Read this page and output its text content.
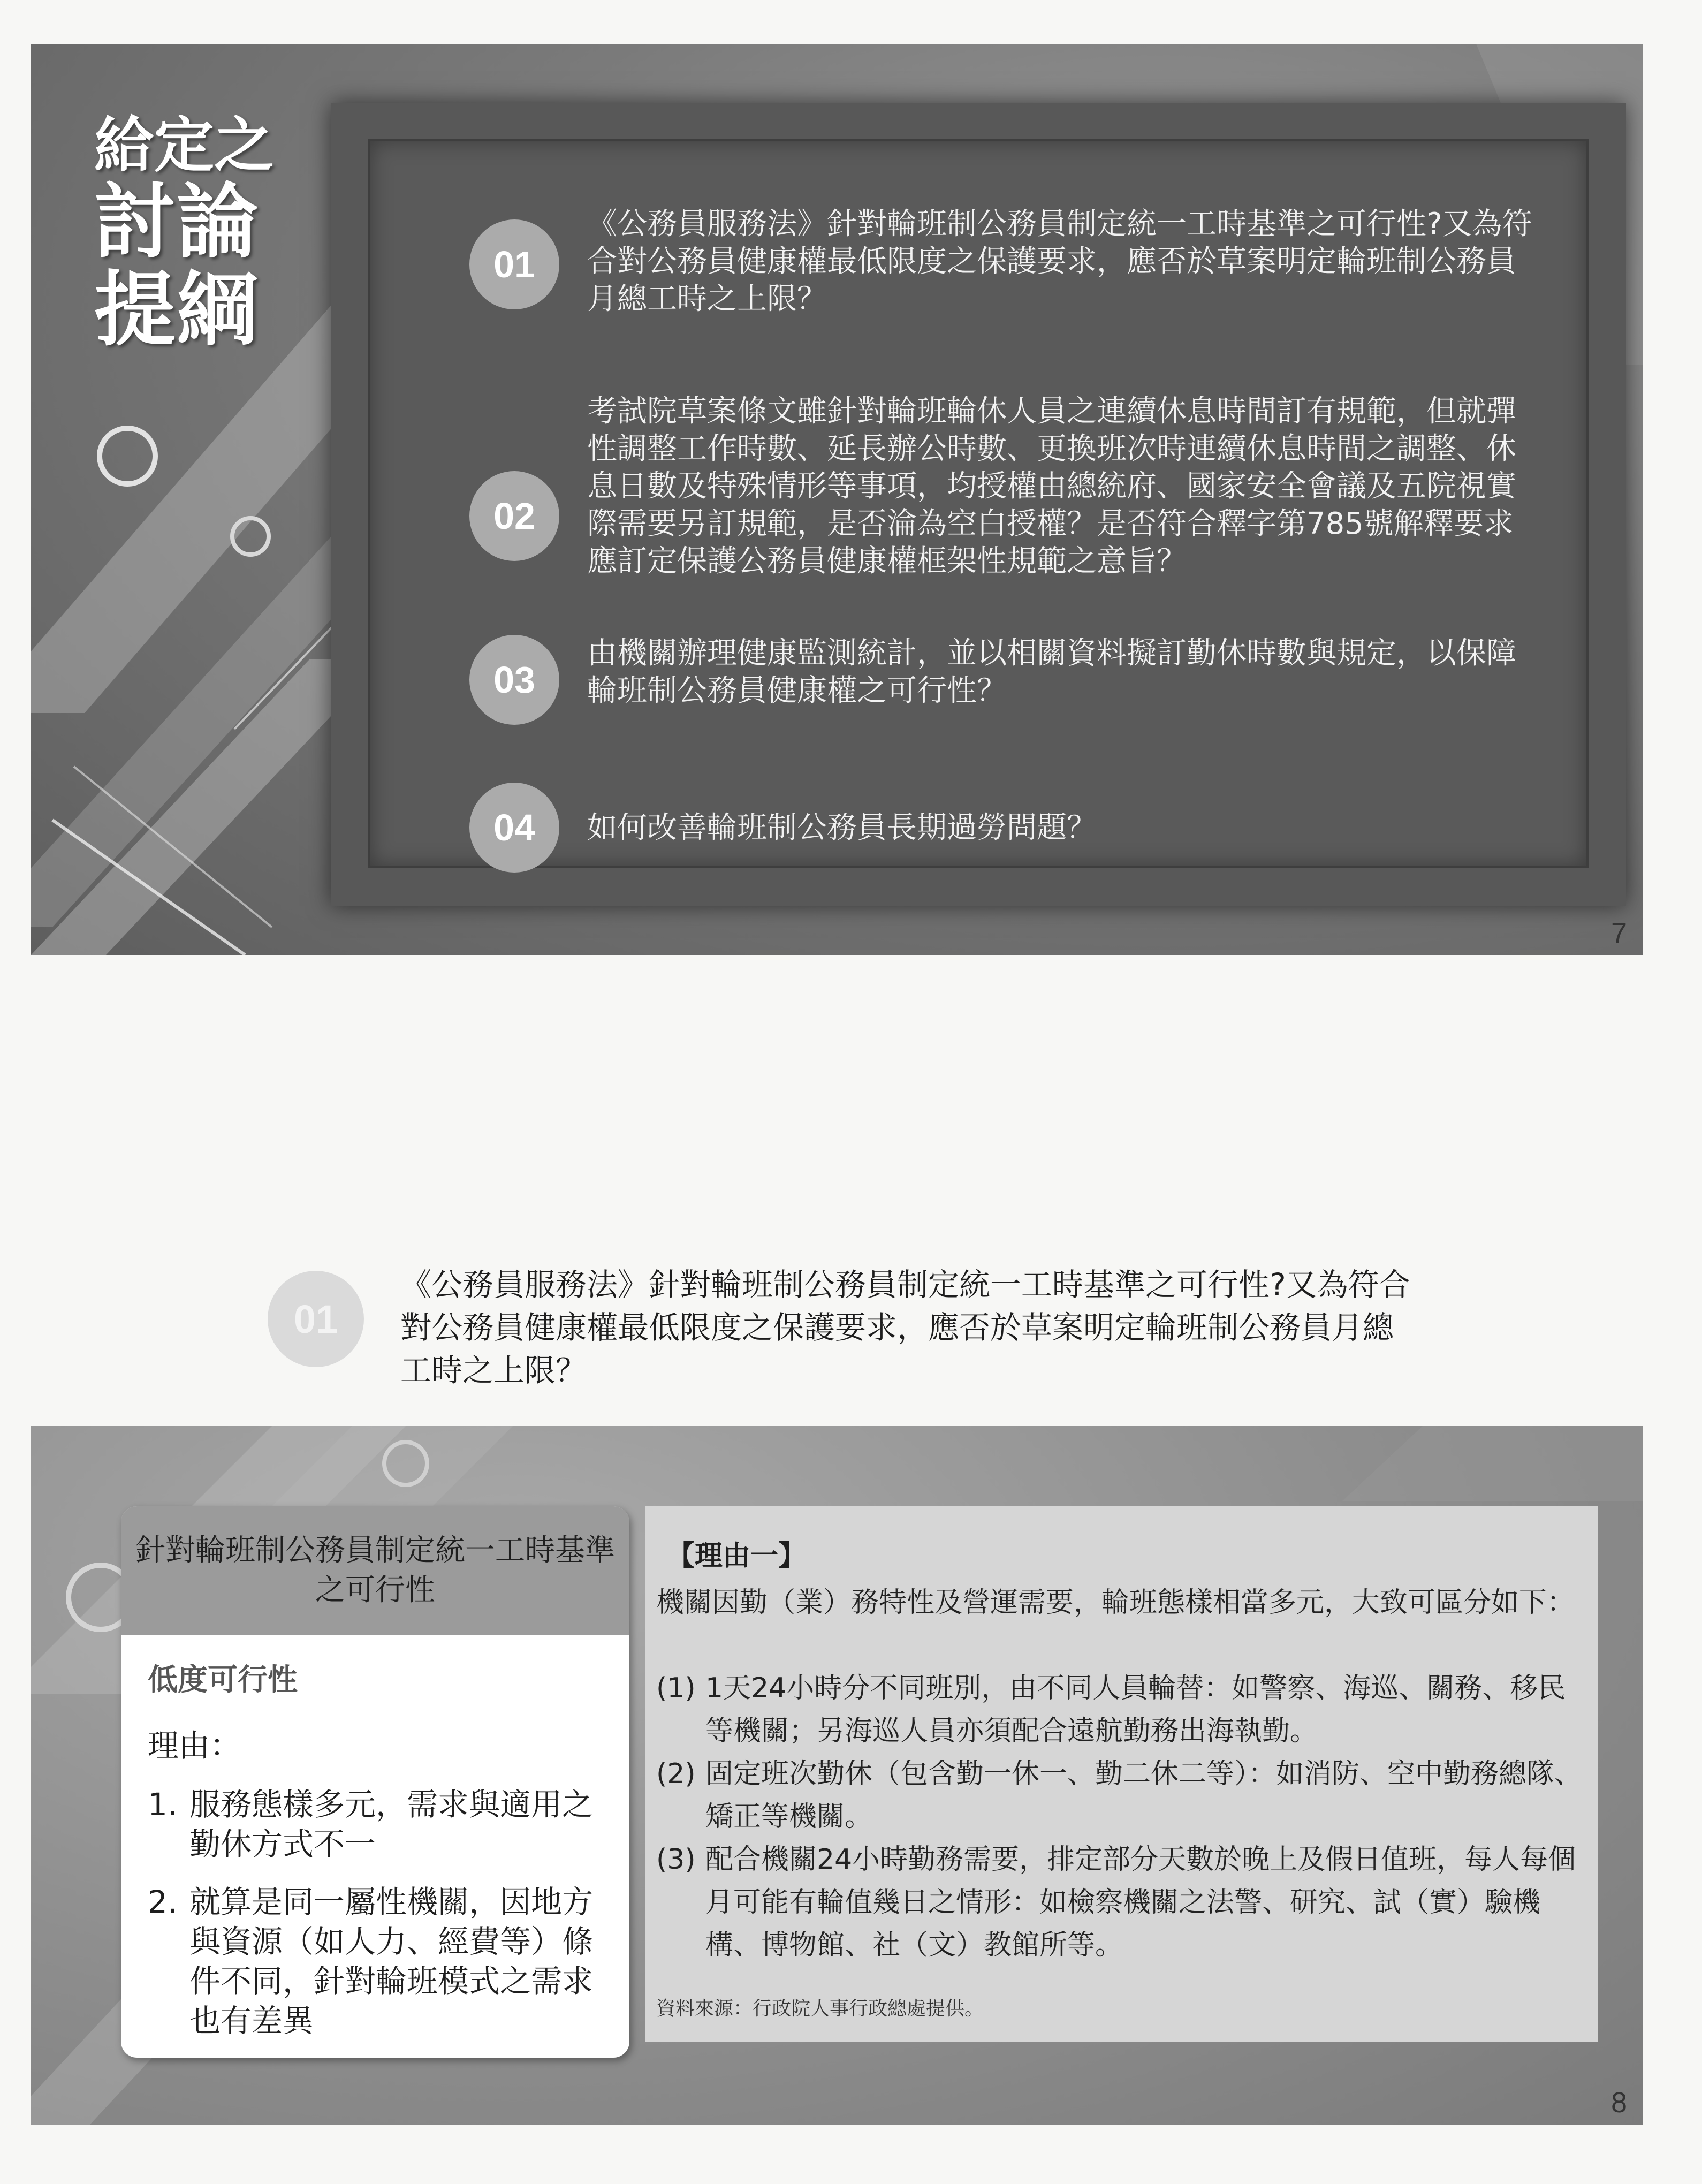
給定之
討論
提綱	01
《公務員服務法》針對輪班制公務員制定統一工時基準之可行性?又為符合對公務員健康權最低限度之保護要求，應否於草案明定輪班制公務員月總工時之上限？
02
考試院草案條文雖針對輪班輪休人員之連續休息時間訂有規範，但就彈性調整工作時數、延長辦公時數、更換班次時連續休息時間之調整、休息日數及特殊情形等事項，均授權由總統府、國家安全會議及五院視實際需要另訂規範，是否淪為空白授權？是否符合釋字第785號解釋要求應訂定保護公務員健康權框架性規範之意旨？
03
由機關辦理健康監測統計，並以相關資料擬訂勤休時數與規定，以保障輪班制公務員健康權之可行性？
04	如何改善輪班制公務員長期過勞問題？
7
01
《公務員服務法》針對輪班制公務員制定統一工時基準之可行性?又為符合對公務員健康權最低限度之保護要求，應否於草案明定輪班制公務員月總工時之上限？
針對輪班制公務員制定統一工時基準之可行性
低度可行性
理由：
1. 服務態樣多元，需求與適用之勤休方式不一
2. 就算是同一屬性機關，因地方與資源（如人力、經費等）條件不同，針對輪班模式之需求也有差異
【理由一】
機關因勤（業）務特性及營運需要，輪班態樣相當多元，大致可區分如下：
(1) 1天24小時分不同班別，由不同人員輪替：如警察、海巡、關務、移民等機關；另海巡人員亦須配合遠航勤務出海執勤。
(2) 固定班次勤休（包含勤一休一、勤二休二等）：如消防、空中勤務總隊、矯正等機關。
(3) 配合機關24小時勤務需要，排定部分天數於晚上及假日值班，每人每個月可能有輪值幾日之情形：如檢察機關之法警、研究、試（實）驗機構、博物館、社（文）教館所等。
資料來源：行政院人事行政總處提供。
8
